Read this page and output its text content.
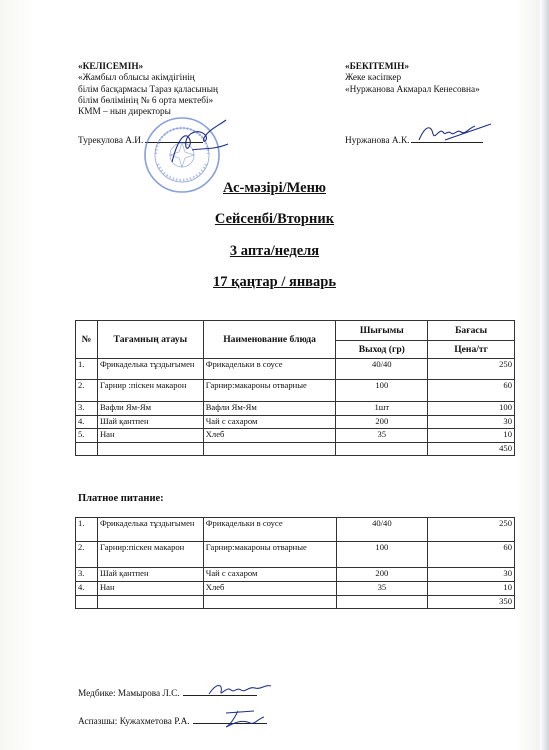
«КЕЛІСЕМІН»
«Жамбыл облысы әкімдігінің
білім басқармасы Тараз қаласының
білім бөлімінің № 6 орта мектебі»
КММ – нын директоры
Турекулова А.И.
«БЕКІТЕМІН»
Жеке кәсіпкер
«Нуржанова Акмарал Кенесовна»
Нуржанова А.К.
Ас-мәзірі/Меню
Сейсенбі/Вторник
3 апта/неделя
17 қаңтар / январь
№	Тағамның атауы	Наименование блюда	Шығымы	Бағасы
			Выход (гр)	Цена/тг
1.	Фрикаделька тұздығымен	Фрикадельки в соусе	40/40	250
2.	Гарнир :піскен макарон	Гарнир:макароны отварные	100	60
3.	Вафли Ям-Ям	Вафли Ям-Ям	1шт	100
4.	Шай қантпен	Чай с сахаром	200	30
5.	Нан	Хлеб	35	10
				450
Платное питание:
1.	Фрикаделька тұздығымен	Фрикадельки в соусе	40/40	250
2.	Гарнир:піскен макарон	Гарнир:макароны отварные	100	60
3.	Шай қантпен	Чай с сахаром	200	30
4.	Нан	Хлеб	35	10
				350
Медбике: Мамырова Л.С.
Аспазшы: Кужахметова Р.А.
